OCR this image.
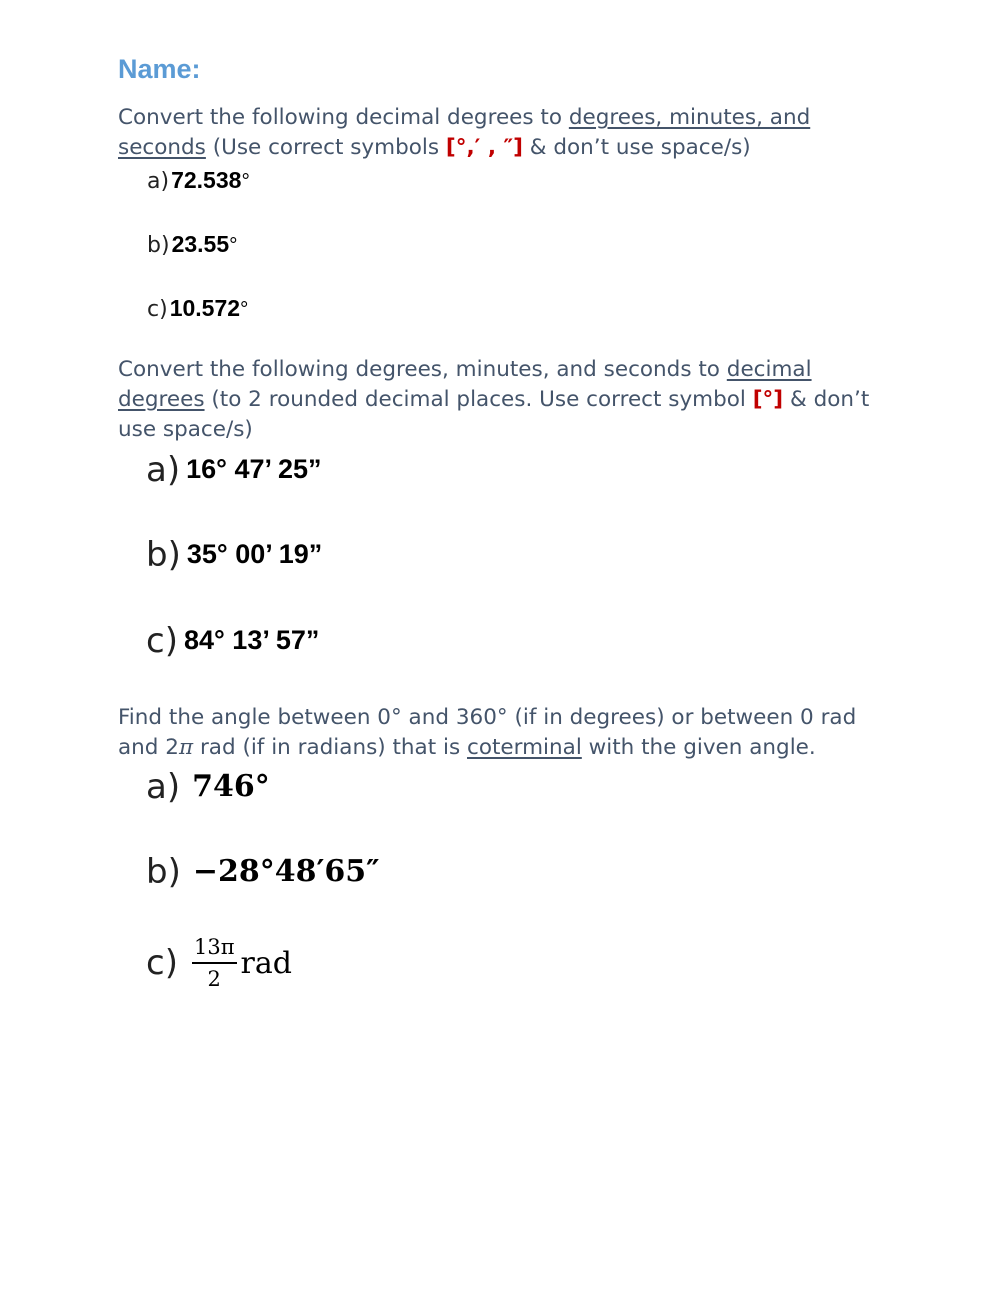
Name:

Convert the following decimal degrees to degrees, minutes, and seconds (Use correct symbols [°,′ , ″] & don’t use space/s)

a)72.538°
b)23.55°
c)10.572°

Convert the following degrees, minutes, and seconds to decimal degrees (to 2 rounded decimal places. Use correct symbol [°] & don’t use space/s)

a) 16° 47’ 25”
b) 35° 00’ 19”
c) 84° 13’ 57”

Find the angle between 0° and 360° (if in degrees) or between 0 rad and 2π rad (if in radians) that is coterminal with the given angle.

a) 746°
b) −28°48′65″
$c) \frac{13\pi}{2}$ rad
